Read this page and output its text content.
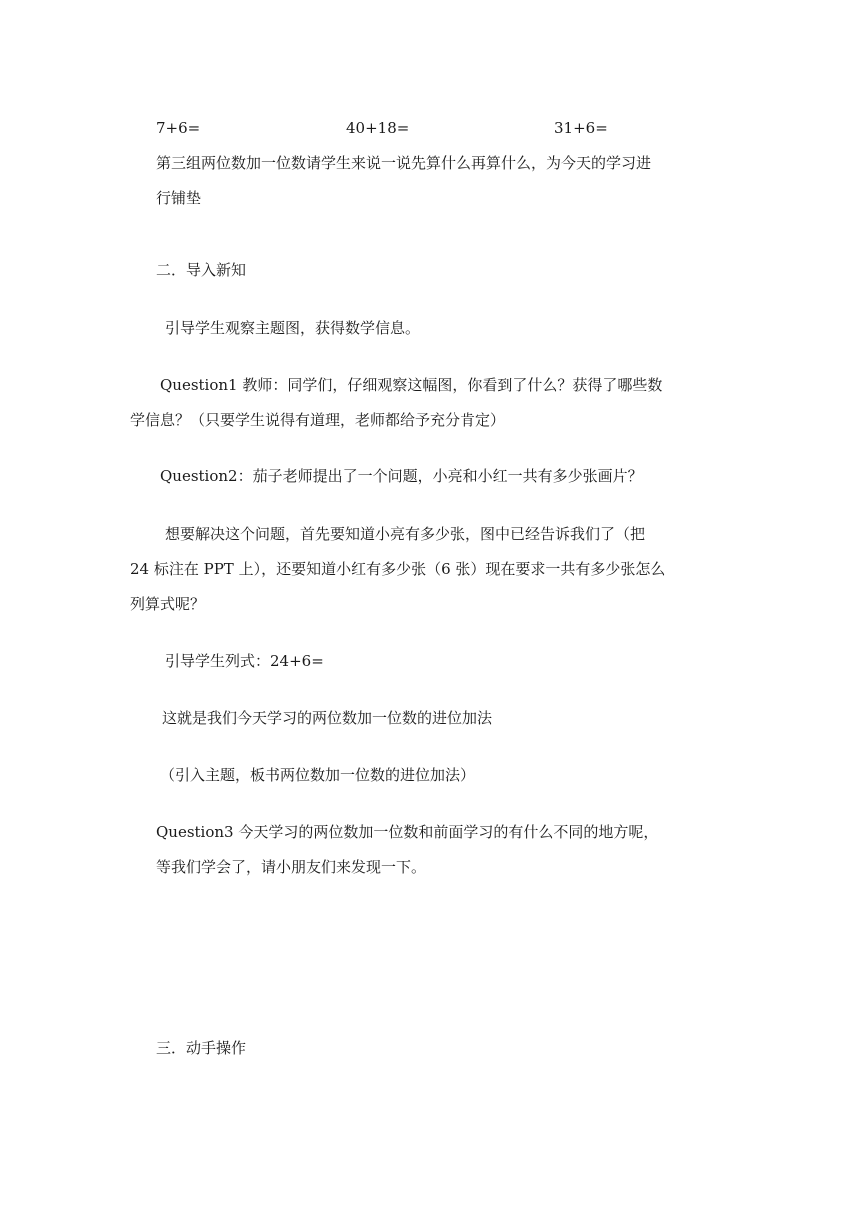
7+6=	40+18=	31+6=
第三组两位数加一位数请学生来说一说先算什么再算什么，为今天的学习进
行铺垫
二．导入新知
引导学生观察主题图，获得数学信息。
Question1 教师：同学们，仔细观察这幅图，你看到了什么？获得了哪些数
学信息？（只要学生说得有道理，老师都给予充分肯定）
Question2：茄子老师提出了一个问题，小亮和小红一共有多少张画片？
想要解决这个问题，首先要知道小亮有多少张，图中已经告诉我们了（把
24 标注在 PPT 上），还要知道小红有多少张（6 张）现在要求一共有多少张怎么
列算式呢？
引导学生列式：24+6=
这就是我们今天学习的两位数加一位数的进位加法
（引入主题，板书两位数加一位数的进位加法）
Question3 今天学习的两位数加一位数和前面学习的有什么不同的地方呢，
等我们学会了，请小朋友们来发现一下。
三．动手操作
